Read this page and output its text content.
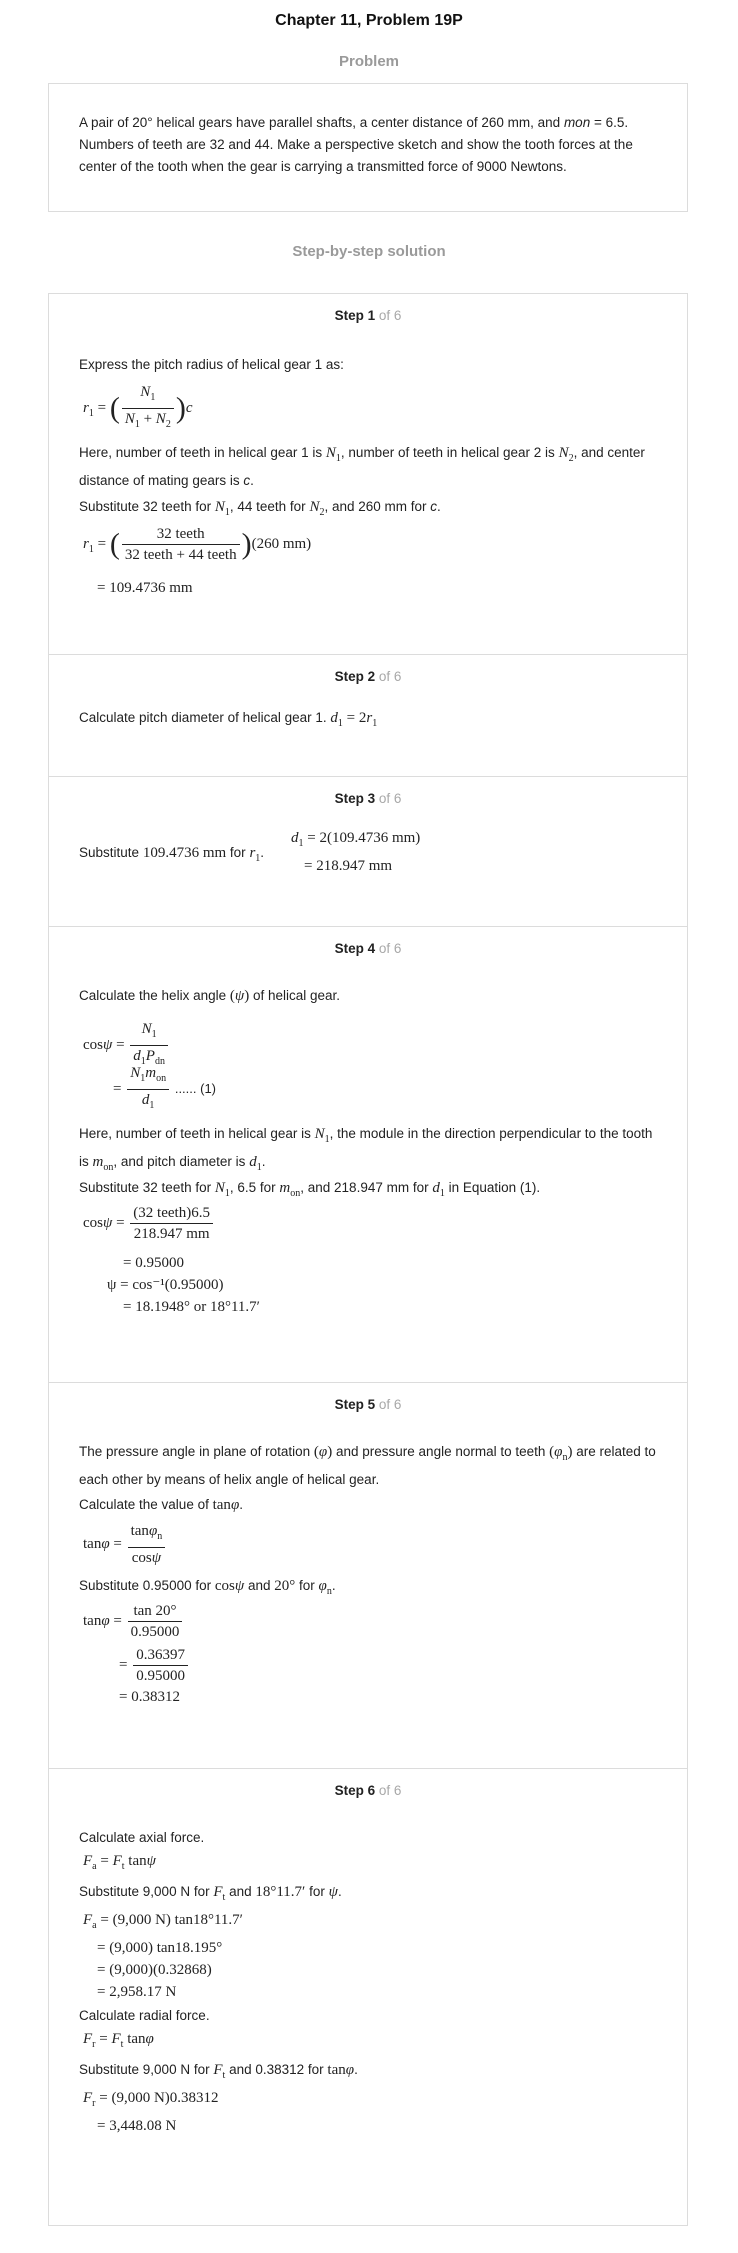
Chapter 11, Problem 19P
Problem
A pair of 20° helical gears have parallel shafts, a center distance of 260 mm, and mon = 6.5. Numbers of teeth are 32 and 44. Make a perspective sketch and show the tooth forces at the center of the tooth when the gear is carrying a transmitted force of 9000 Newtons.
Step-by-step solution
Step 1 of 6
Express the pitch radius of helical gear 1 as:
$r_1$ = ( $\frac{N_1}{N_1 + N_2} )c$
Here, number of teeth in helical gear 1 is $N_1$, number of teeth in helical gear 2 is $N_2$, and center distance of mating gears is c.
Substitute 32 teeth for $N_1$, 44 teeth for $N_2$, and 260 mm for c.
$r_1$ = ( $\frac{\text{32 teeth}}{\text{32 teeth + 44 teeth}} )(260$ mm)
= 109.4736 mm
Step 2 of 6
Calculate pitch diameter of helical gear 1. $d_1 = 2r_1$
Step 3 of 6
Substitute 109.4736 mm for $r_1$.
$d_1 = 2(109.4736$ mm)
= 218.947 mm
Step 4 of 6
Calculate the helix angle (ψ) of helical gear.
$\cos\psi = \frac{N_1}{d_1P_{dn}}$
= $\frac{N_1m_{on}}{d_1}$ ...... (1)
Here, number of teeth in helical gear is $N_1$, the module in the direction perpendicular to the tooth is $m_{on}$, and pitch diameter is $d_1$.
Substitute 32 teeth for $N_1$, 6.5 for $m_{on}$, and 218.947 mm for $d_1$ in Equation (1).
$\cos\psi = \frac{\text{(32 teeth)6.5}}{218.947 mm}$
= 0.95000
ψ = cos⁻¹(0.95000)
= 18.1948° or 18°11.7′
Step 5 of 6
The pressure angle in plane of rotation (φ) and pressure angle normal to teeth $(\varphi_n)$ are related to each other by means of helix angle of helical gear.
Calculate the value of tanφ.
$\tan\varphi = \frac{\tan\varphi_n}{\cos\psi}$
Substitute 0.95000 for cosψ and 20° for $\varphi_n$.
$\tan\varphi = \frac{\tan 20^\circ}{0.95000}$
= $\frac{0.36397}{0.95000}$
= 0.38312
Step 6 of 6
Calculate axial force.
$F_a = F_t$ tanψ
Substitute 9,000 N for $F_t$ and 18°11.7′ for ψ.
$F_a = (9,000$ N) tan18°11.7′
= (9,000) tan18.195°
= (9,000)(0.32868)
= 2,958.17 N
Calculate radial force.
$F_r = F_t$ tanφ
Substitute 9,000 N for $F_t$ and 0.38312 for tanφ.
$F_r = (9,000$ N)0.38312
= 3,448.08 N
